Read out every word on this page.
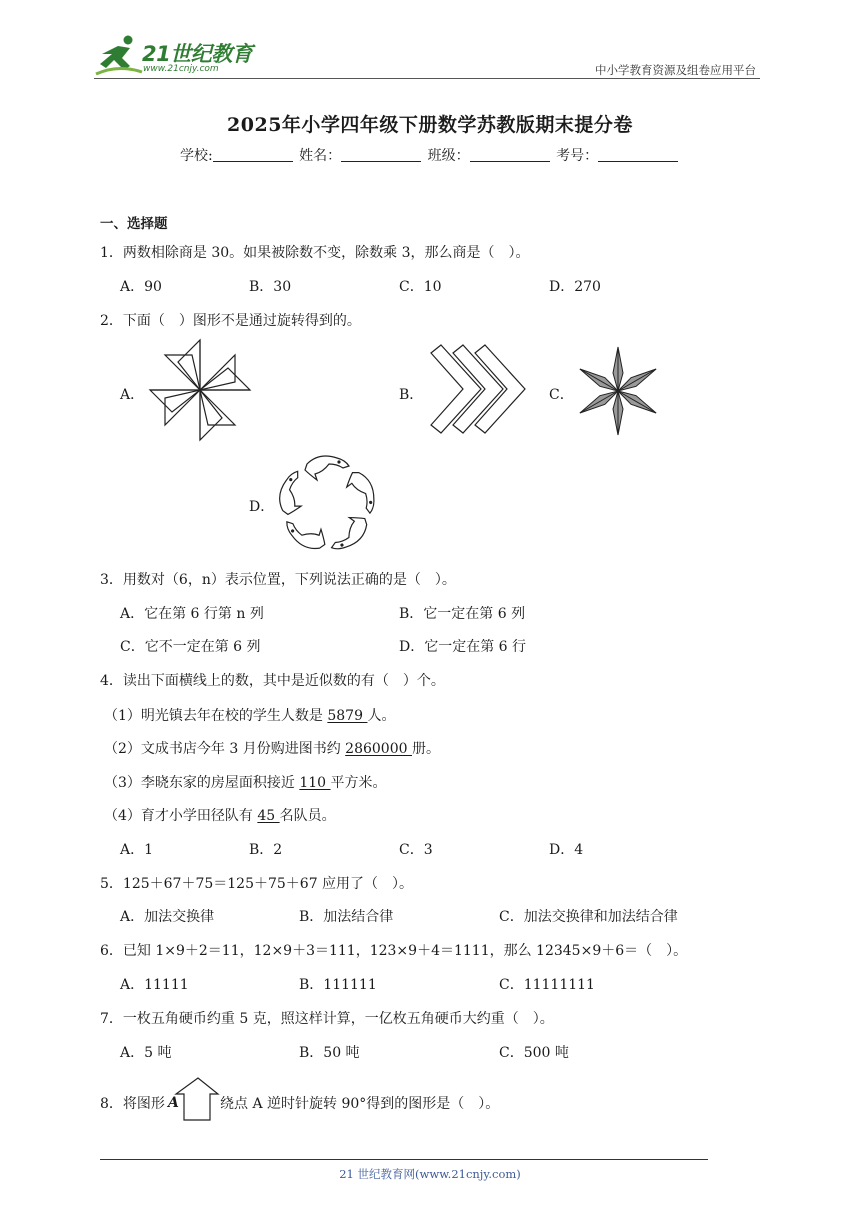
21世纪教育
www.21cnjy.com	中小学教育资源及组卷应用平台
2025年小学四年级下册数学苏教版期末提分卷
学校:	姓名：	班级：	考号：
一、选择题
1．两数相除商是 30。如果被除数不变，除数乘 3，那么商是（　）。
A．90	B．30	C．10	D．270
2．下面（　）图形不是通过旋转得到的。
A．	B．	C．
D．
3．用数对（6，n）表示位置，下列说法正确的是（　）。
A．它在第 6 行第 n 列	B．它一定在第 6 列
C．它不一定在第 6 列	D．它一定在第 6 行
4．读出下面横线上的数，其中是近似数的有（　）个。
（1）明光镇去年在校的学生人数是 5879 人。
（2）文成书店今年 3 月份购进图书约 2860000 册。
（3）李晓东家的房屋面积接近 110 平方米。
（4）育才小学田径队有 45 名队员。
A．1	B．2	C．3	D．4
5．125＋67＋75＝125＋75＋67 应用了（　）。
A．加法交换律	B．加法结合律	C．加法交换律和加法结合律
6．已知 1×9＋2＝11，12×9＋3＝111，123×9＋4＝1111，那么 12345×9＋6＝（　）。
A．11111	B．111111	C．11111111
7．一枚五角硬币约重 5 克，照这样计算，一亿枚五角硬币大约重（　）。
A．5 吨	B．50 吨	C．500 吨
8．将图形 A	绕点 A 逆时针旋转 90°得到的图形是（　）。
21 世纪教育网(www.21cnjy.com)
